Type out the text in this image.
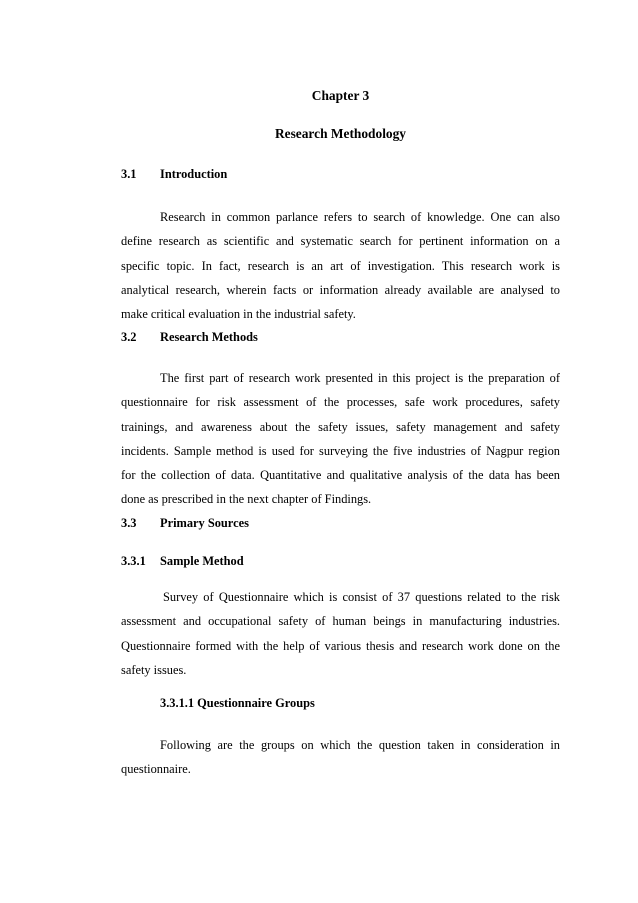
Chapter 3
Research Methodology
3.1 Introduction
Research in common parlance refers to search of knowledge. One can also
define research as scientific and systematic search for pertinent information on a
specific topic. In fact, research is an art of investigation. This research work is
analytical research, wherein facts or information already available are analysed to
make critical evaluation in the industrial safety.
3.2 Research Methods
The first part of research work presented in this project is the preparation of
questionnaire for risk assessment of the processes, safe work procedures, safety
trainings, and awareness about the safety issues, safety management and safety
incidents. Sample method is used for surveying the five industries of Nagpur region
for the collection of data. Quantitative and qualitative analysis of the data has been
done as prescribed in the next chapter of Findings.
3.3 Primary Sources
3.3.1 Sample Method
Survey of Questionnaire which is consist of 37 questions related to the risk
assessment and occupational safety of human beings in manufacturing industries.
Questionnaire formed with the help of various thesis and research work done on the
safety issues.
3.3.1.1 Questionnaire Groups
Following are the groups on which the question taken in consideration in
questionnaire.
